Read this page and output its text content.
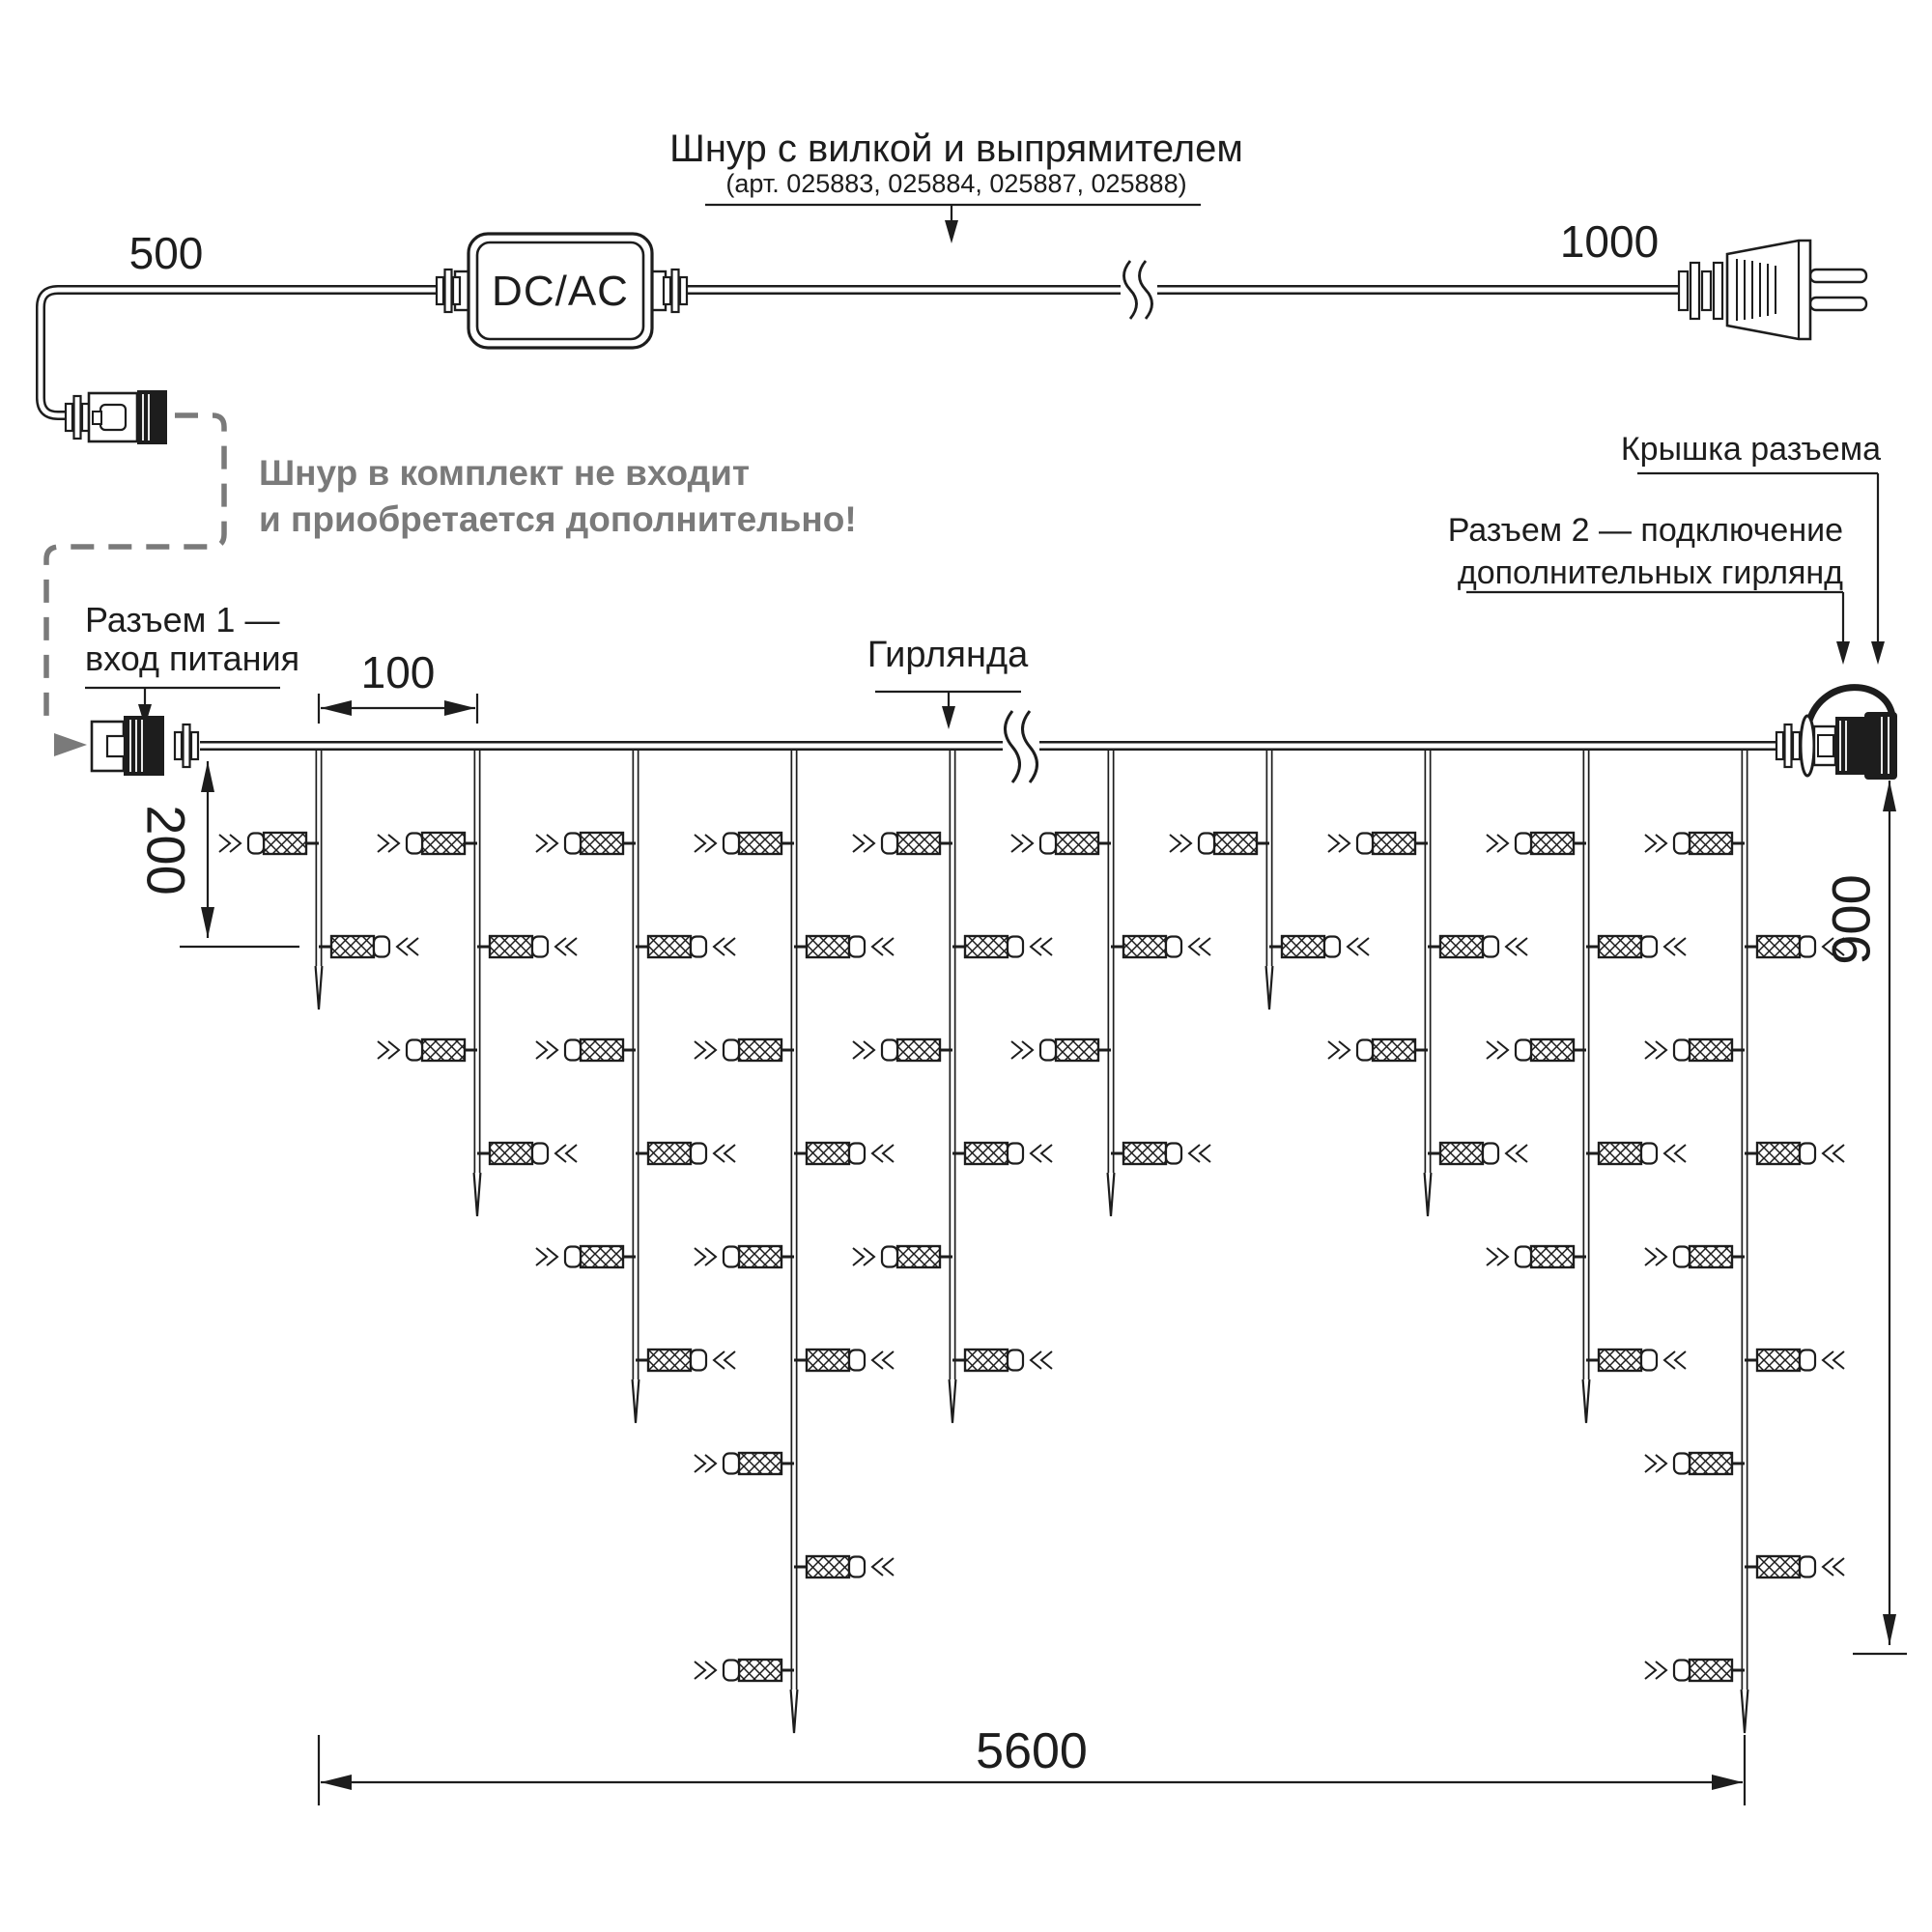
Шнур с вилкой и выпрямителем
(арт. 025883, 025884, 025887, 025888)
500	1000
DC/AC
Шнур в комплект не входит
и приобретается дополнительно!
Разъем 1 —
вход питания	Гирлянда
Крышка разъема
Разъем 2 — подключение
дополнительных гирлянд
100
200
900
5600
